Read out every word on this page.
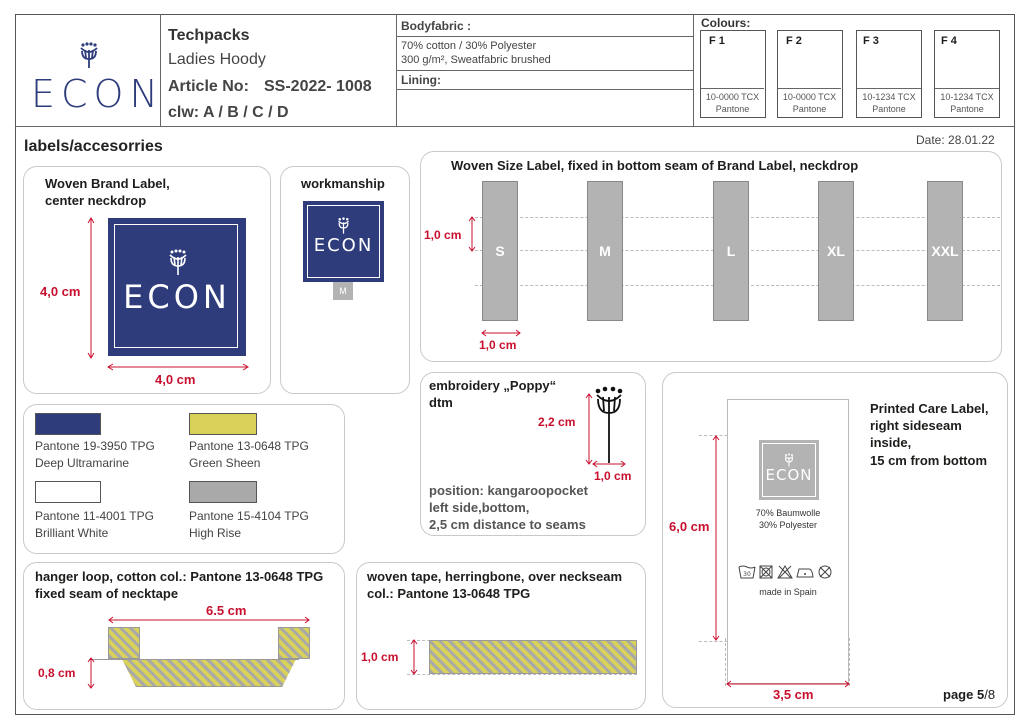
ECON
Techpacks
Ladies Hoody
Article No: SS-2022- 1008
clw: A / B / C / D
Bodyfabric :
70% cotton / 30% Polyester
300 g/m², Sweatfabric brushed
Lining:
Colours:
F 1
10-0000 TCX
Pantone
F 2
10-0000 TCX
Pantone
F 3
10-1234 TCX
Pantone
F 4
10-1234 TCX
Pantone
labels/accesorries	Date: 28.01.22
Woven Brand Label,
center neckdrop
ECON
4,0 cm
4,0 cm
workmanship
ECON
M
Woven Size Label, fixed in bottom seam of Brand Label, neckdrop
S	M	L	XL	XXL
1,0 cm
1,0 cm
Pantone 19-3950 TPG
Deep Ultramarine
Pantone 13-0648 TPG
Green Sheen
Pantone 11-4001 TPG
Brilliant White
Pantone 15-4104 TPG
High Rise
embroidery „Poppy“
dtm
2,2 cm
1,0 cm
position: kangaroopocket
left side,bottom,
2,5 cm distance to seams
Printed Care Label,
right sideseam
inside,
15 cm from bottom
ECON
70% Baumwolle
30% Polyester
30
made in Spain
6,0 cm
3,5 cm	page 5/8
hanger loop, cotton col.: Pantone 13-0648 TPG
fixed seam of necktape
6.5 cm
0,8 cm
woven tape, herringbone, over neckseam
col.: Pantone 13-0648 TPG
1,0 cm
